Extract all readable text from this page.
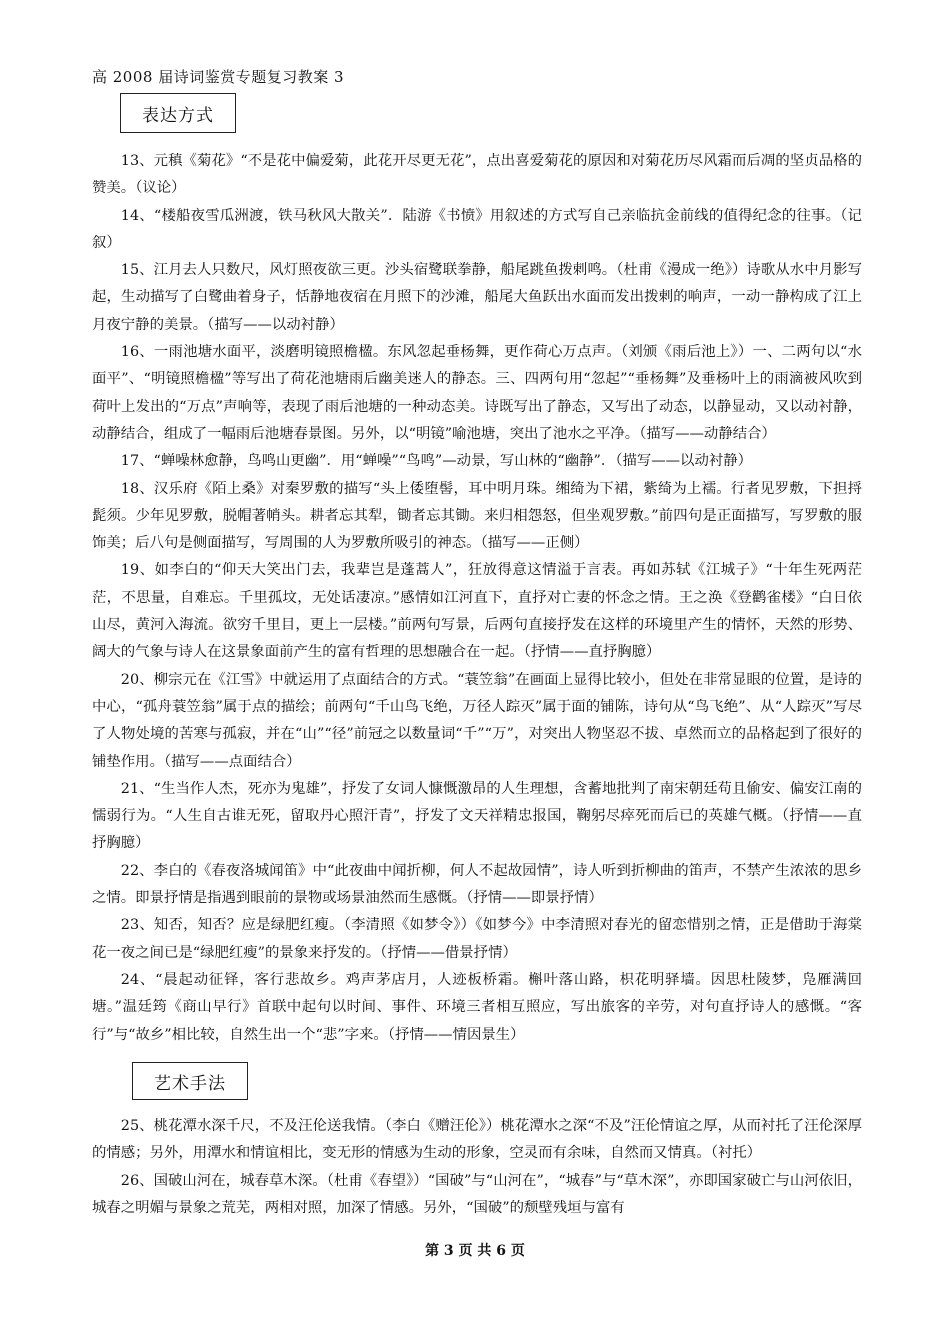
高 2008 届诗词鉴赏专题复习教案 3
表达方式

13、元稹《菊花》“不是花中偏爱菊，此花开尽更无花”，点出喜爱菊花的原因和对菊花历尽风霜而后凋的坚贞品格的赞美。（议论）

14、“楼船夜雪瓜洲渡，铁马秋风大散关”．陆游《书愤》用叙述的方式写自己亲临抗金前线的值得纪念的往事。（记叙）

15、江月去人只数尺，风灯照夜欲三更。沙头宿鹭联拳静，船尾跳鱼拨剌鸣。（杜甫《漫成一绝》）诗歌从水中月影写起，生动描写了白鹭曲着身子，恬静地夜宿在月照下的沙滩，船尾大鱼跃出水面而发出拨剌的响声，一动一静构成了江上月夜宁静的美景。（描写——以动衬静）

16、一雨池塘水面平，淡磨明镜照檐楹。东风忽起垂杨舞，更作荷心万点声。（刘颁《雨后池上》）一、二两句以“水面平”、“明镜照檐楹”等写出了荷花池塘雨后幽美迷人的静态。三、四两句用“忽起”“垂杨舞”及垂杨叶上的雨滴被风吹到荷叶上发出的“万点”声响等，表现了雨后池塘的一种动态美。诗既写出了静态，又写出了动态，以静显动，又以动衬静，动静结合，组成了一幅雨后池塘春景图。另外，以“明镜”喻池塘，突出了池水之平净。（描写——动静结合）

17、“蝉噪林愈静，鸟鸣山更幽”．用“蝉噪”“鸟鸣”—动景，写山林的“幽静”．（描写——以动衬静）

18、汉乐府《陌上桑》对秦罗敷的描写“头上倭堕髻，耳中明月珠。缃绮为下裙，紫绮为上襦。行者见罗敷，下担捋髭须。少年见罗敷，脱帽著帩头。耕者忘其犁，锄者忘其锄。来归相怨怒，但坐观罗敷。”前四句是正面描写，写罗敷的服饰美；后八句是侧面描写，写周围的人为罗敷所吸引的神态。（描写——正侧）

19、如李白的“仰天大笑出门去，我辈岂是蓬蒿人”，狂放得意这情溢于言表。再如苏轼《江城子》“十年生死两茫茫，不思量，自难忘。千里孤坟，无处话凄凉。”感情如江河直下，直抒对亡妻的怀念之情。王之涣《登鹳雀楼》“白日依山尽，黄河入海流。欲穷千里目，更上一层楼。”前两句写景，后两句直接抒发在这样的环境里产生的情怀，天然的形势、阔大的气象与诗人在这景象面前产生的富有哲理的思想融合在一起。（抒情——直抒胸臆）

20、柳宗元在《江雪》中就运用了点面结合的方式。“蓑笠翁”在画面上显得比较小，但处在非常显眼的位置，是诗的中心，“孤舟蓑笠翁”属于点的描绘；前两句“千山鸟飞绝，万径人踪灭”属于面的铺陈，诗句从“鸟飞绝”、从“人踪灭”写尽了人物处境的苦寒与孤寂，并在“山”“径”前冠之以数量词“千”“万”，对突出人物坚忍不拔、卓然而立的品格起到了很好的铺垫作用。（描写——点面结合）

21、“生当作人杰，死亦为鬼雄”，抒发了女词人慷慨激昂的人生理想，含蓄地批判了南宋朝廷苟且偷安、偏安江南的懦弱行为。“人生自古谁无死，留取丹心照汗青”，抒发了文天祥精忠报国，鞠躬尽瘁死而后已的英雄气概。（抒情——直抒胸臆）

22、李白的《春夜洛城闻笛》中“此夜曲中闻折柳，何人不起故园情”，诗人听到折柳曲的笛声，不禁产生浓浓的思乡之情。即景抒情是指遇到眼前的景物或场景油然而生感慨。（抒情——即景抒情）

23、知否，知否？应是绿肥红瘦。（李清照《如梦令》）《如梦今》中李清照对春光的留恋惜别之情，正是借助于海棠花一夜之间已是“绿肥红瘦”的景象来抒发的。（抒情——借景抒情）

24、“晨起动征铎，客行悲故乡。鸡声茅店月，人迹板桥霜。槲叶落山路，枳花明驿墙。因思杜陵梦，凫雁满回塘。”温廷筠《商山早行》首联中起句以时间、事件、环境三者相互照应，写出旅客的辛劳，对句直抒诗人的感慨。“客行”与“故乡”相比较，自然生出一个“悲”字来。（抒情——情因景生）

艺术手法

25、桃花潭水深千尺，不及汪伦送我情。（李白《赠汪伦》）桃花潭水之深“不及”汪伦情谊之厚，从而衬托了汪伦深厚的情感；另外，用潭水和情谊相比，变无形的情感为生动的形象，空灵而有余味，自然而又情真。（衬托）

26、国破山河在，城春草木深。（杜甫《春望》）“国破”与“山河在”，“城春”与“草木深”，亦即国家破亡与山河依旧，城春之明媚与景象之荒芜，两相对照，加深了情感。另外，“国破”的颓壁残垣与富有

第 3 页 共 6 页
